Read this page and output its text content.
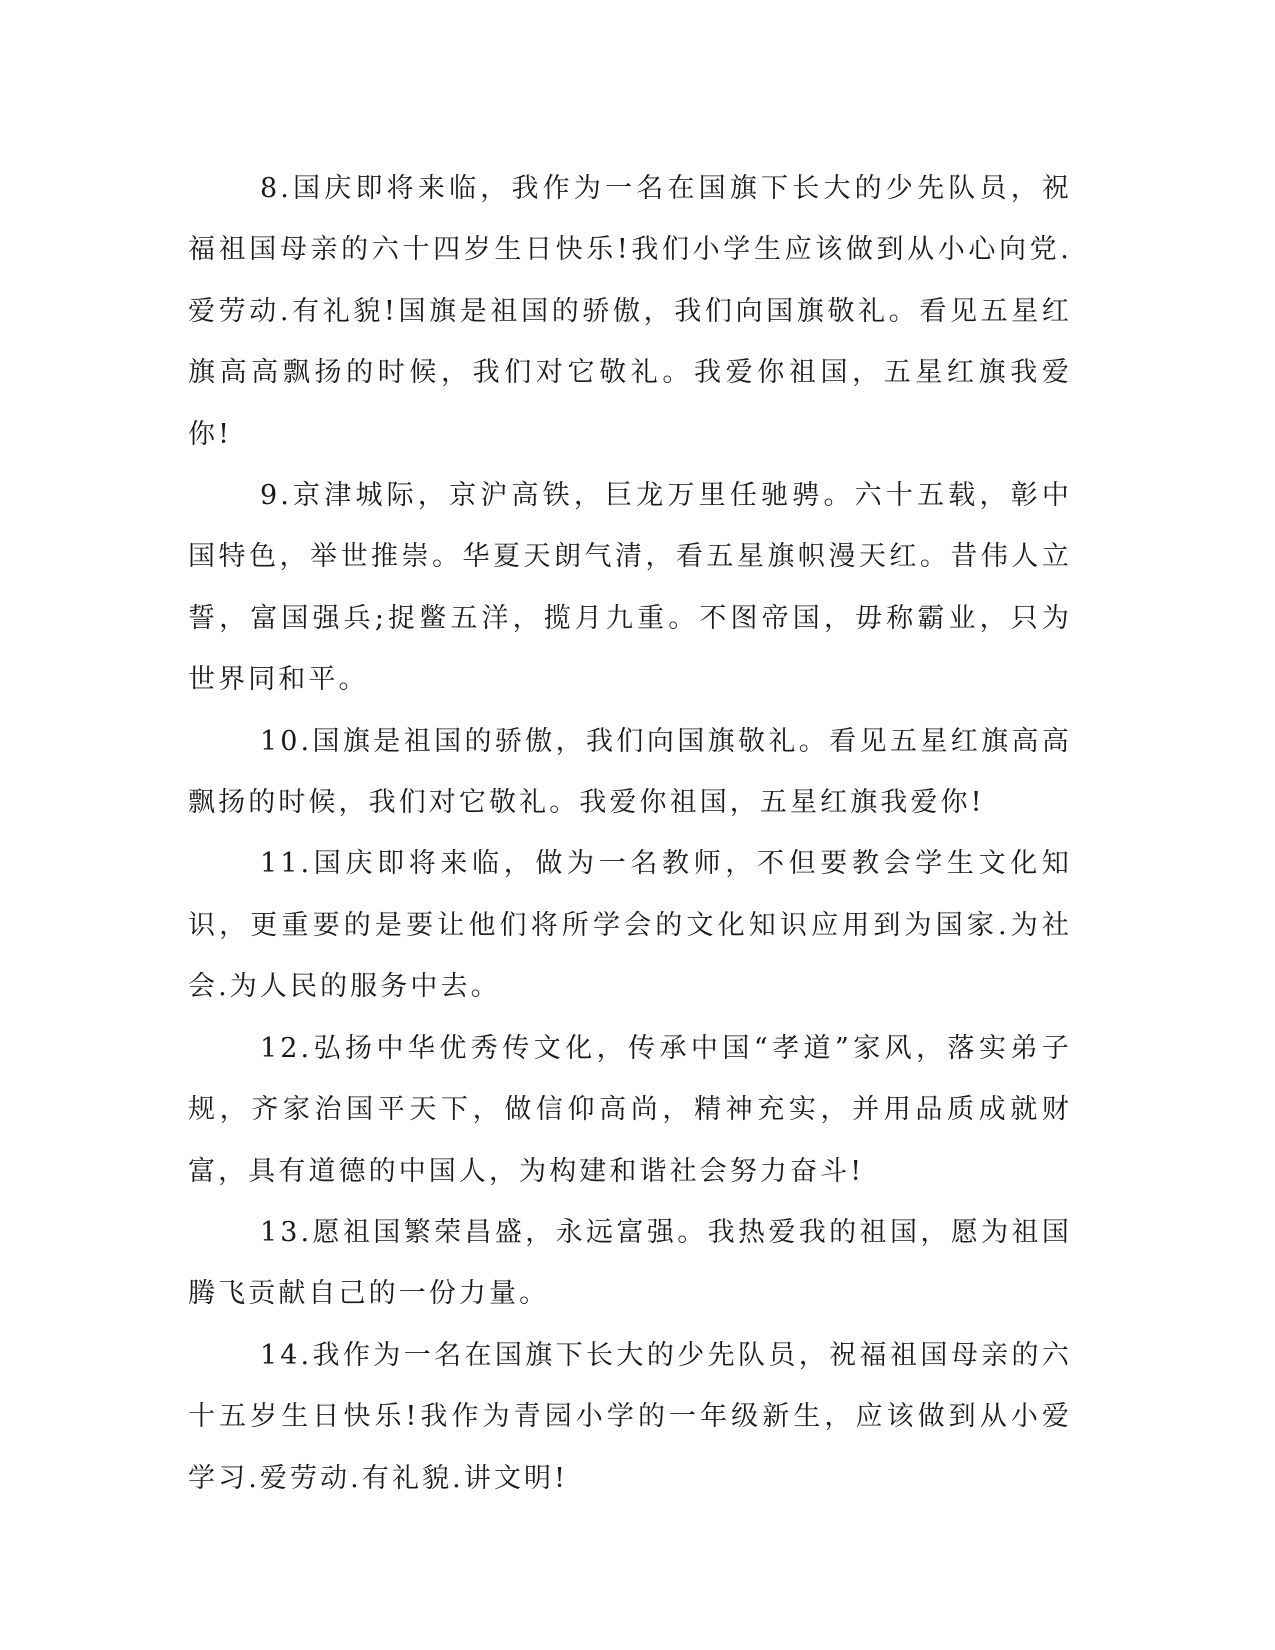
8.国庆即将来临，我作为一名在国旗下长大的少先队员，祝福祖国母亲的六十四岁生日快乐!我们小学生应该做到从小心向党.爱劳动.有礼貌!国旗是祖国的骄傲，我们向国旗敬礼。看见五星红旗高高飘扬的时候，我们对它敬礼。我爱你祖国，五星红旗我爱你!

9.京津城际，京沪高铁，巨龙万里任驰骋。六十五载，彰中国特色，举世推崇。华夏天朗气清，看五星旗帜漫天红。昔伟人立誓，富国强兵;捉鳖五洋，揽月九重。不图帝国，毋称霸业，只为世界同和平。

10.国旗是祖国的骄傲，我们向国旗敬礼。看见五星红旗高高飘扬的时候，我们对它敬礼。我爱你祖国，五星红旗我爱你!

11.国庆即将来临，做为一名教师，不但要教会学生文化知识，更重要的是要让他们将所学会的文化知识应用到为国家.为社会.为人民的服务中去。

12.弘扬中华优秀传文化，传承中国“孝道”家风，落实弟子规，齐家治国平天下，做信仰高尚，精神充实，并用品质成就财富，具有道德的中国人，为构建和谐社会努力奋斗!

13.愿祖国繁荣昌盛，永远富强。我热爱我的祖国，愿为祖国腾飞贡献自己的一份力量。

14.我作为一名在国旗下长大的少先队员，祝福祖国母亲的六十五岁生日快乐!我作为青园小学的一年级新生，应该做到从小爱学习.爱劳动.有礼貌.讲文明!
